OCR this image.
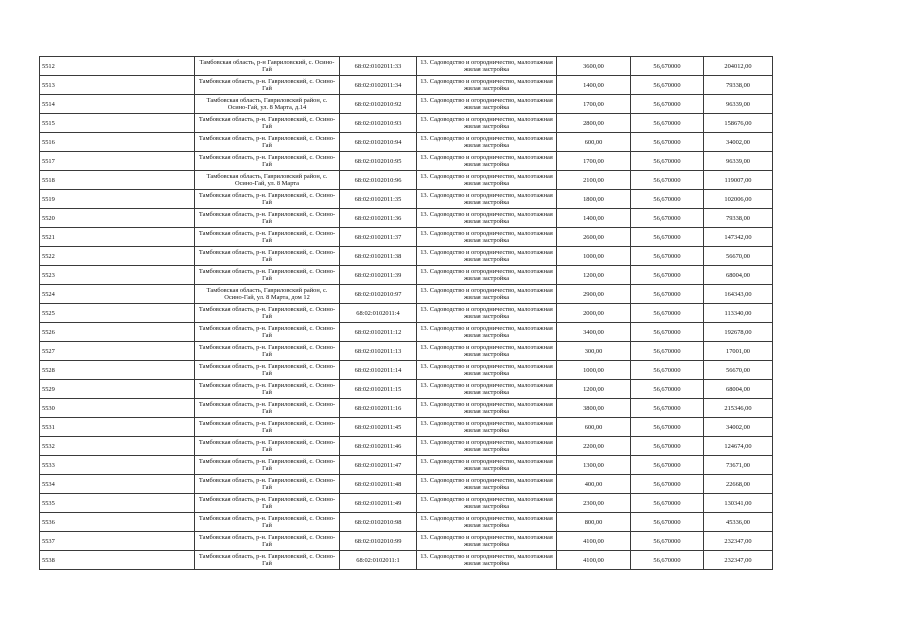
5512	Тамбовская область, р-н Гавриловский, с. Осино-Гай	68:02:0102011:33	13. Садоводство и огородничество, малоэтажная жилая застройка	3600,00	56,670000	204012,00
5513	Тамбовская область, р-н. Гавриловский, с. Осино-Гай	68:02:0102011:34	13. Садоводство и огородничество, малоэтажная жилая застройка	1400,00	56,670000	79338,00
5514	Тамбовская область, Гавриловский район, с. Осино-Гай, ул. 8 Марта, д.14	68:02:0102010:92	13. Садоводство и огородничество, малоэтажная жилая застройка	1700,00	56,670000	96339,00
5515	Тамбовская область, р-н. Гавриловский, с. Осино-Гай	68:02:0102010:93	13. Садоводство и огородничество, малоэтажная жилая застройка	2800,00	56,670000	158676,00
5516	Тамбовская область, р-н. Гавриловский, с. Осино-Гай	68:02:0102010:94	13. Садоводство и огородничество, малоэтажная жилая застройка	600,00	56,670000	34002,00
5517	Тамбовская область, р-н. Гавриловский, с. Осино-Гай	68:02:0102010:95	13. Садоводство и огородничество, малоэтажная жилая застройка	1700,00	56,670000	96339,00
5518	Тамбовская область, Гавриловский район, с. Осино-Гай, ул. 8 Марта	68:02:0102010:96	13. Садоводство и огородничество, малоэтажная жилая застройка	2100,00	56,670000	119007,00
5519	Тамбовская область, р-н. Гавриловский, с. Осино-Гай	68:02:0102011:35	13. Садоводство и огородничество, малоэтажная жилая застройка	1800,00	56,670000	102006,00
5520	Тамбовская область, р-н. Гавриловский, с. Осино-Гай	68:02:0102011:36	13. Садоводство и огородничество, малоэтажная жилая застройка	1400,00	56,670000	79338,00
5521	Тамбовская область, р-н. Гавриловский, с. Осино-Гай	68:02:0102011:37	13. Садоводство и огородничество, малоэтажная жилая застройка	2600,00	56,670000	147342,00
5522	Тамбовская область, р-н. Гавриловский, с. Осино-Гай	68:02:0102011:38	13. Садоводство и огородничество, малоэтажная жилая застройка	1000,00	56,670000	56670,00
5523	Тамбовская область, р-н. Гавриловский, с. Осино-Гай	68:02:0102011:39	13. Садоводство и огородничество, малоэтажная жилая застройка	1200,00	56,670000	68004,00
5524	Тамбовская область, Гавриловский район, с. Осино-Гай, ул. 8 Марта, дом 12	68:02:0102010:97	13. Садоводство и огородничество, малоэтажная жилая застройка	2900,00	56,670000	164343,00
5525	Тамбовская область, р-н. Гавриловский, с. Осино-Гай	68:02:0102011:4	13. Садоводство и огородничество, малоэтажная жилая застройка	2000,00	56,670000	113340,00
5526	Тамбовская область, р-н. Гавриловский, с. Осино-Гай	68:02:0102011:12	13. Садоводство и огородничество, малоэтажная жилая застройка	3400,00	56,670000	192678,00
5527	Тамбовская область, р-н. Гавриловский, с. Осино-Гай	68:02:0102011:13	13. Садоводство и огородничество, малоэтажная жилая застройка	300,00	56,670000	17001,00
5528	Тамбовская область, р-н. Гавриловский, с. Осино-Гай	68:02:0102011:14	13. Садоводство и огородничество, малоэтажная жилая застройка	1000,00	56,670000	56670,00
5529	Тамбовская область, р-н. Гавриловский, с. Осино-Гай	68:02:0102011:15	13. Садоводство и огородничество, малоэтажная жилая застройка	1200,00	56,670000	68004,00
5530	Тамбовская область, р-н. Гавриловский, с. Осино-Гай	68:02:0102011:16	13. Садоводство и огородничество, малоэтажная жилая застройка	3800,00	56,670000	215346,00
5531	Тамбовская область, р-н. Гавриловский, с. Осино-Гай	68:02:0102011:45	13. Садоводство и огородничество, малоэтажная жилая застройка	600,00	56,670000	34002,00
5532	Тамбовская область, р-н. Гавриловский, с. Осино-Гай	68:02:0102011:46	13. Садоводство и огородничество, малоэтажная жилая застройка	2200,00	56,670000	124674,00
5533	Тамбовская область, р-н. Гавриловский, с. Осино-Гай	68:02:0102011:47	13. Садоводство и огородничество, малоэтажная жилая застройка	1300,00	56,670000	73671,00
5534	Тамбовская область, р-н. Гавриловский, с. Осино-Гай	68:02:0102011:48	13. Садоводство и огородничество, малоэтажная жилая застройка	400,00	56,670000	22668,00
5535	Тамбовская область, р-н. Гавриловский, с. Осино-Гай	68:02:0102011:49	13. Садоводство и огородничество, малоэтажная жилая застройка	2300,00	56,670000	130341,00
5536	Тамбовская область, р-н. Гавриловский, с. Осино-Гай	68:02:0102010:98	13. Садоводство и огородничество, малоэтажная жилая застройка	800,00	56,670000	45336,00
5537	Тамбовская область, р-н. Гавриловский, с. Осино-Гай	68:02:0102010:99	13. Садоводство и огородничество, малоэтажная жилая застройка	4100,00	56,670000	232347,00
5538	Тамбовская область, р-н. Гавриловский, с. Осино-Гай	68:02:0102011:1	13. Садоводство и огородничество, малоэтажная жилая застройка	4100,00	56,670000	232347,00
